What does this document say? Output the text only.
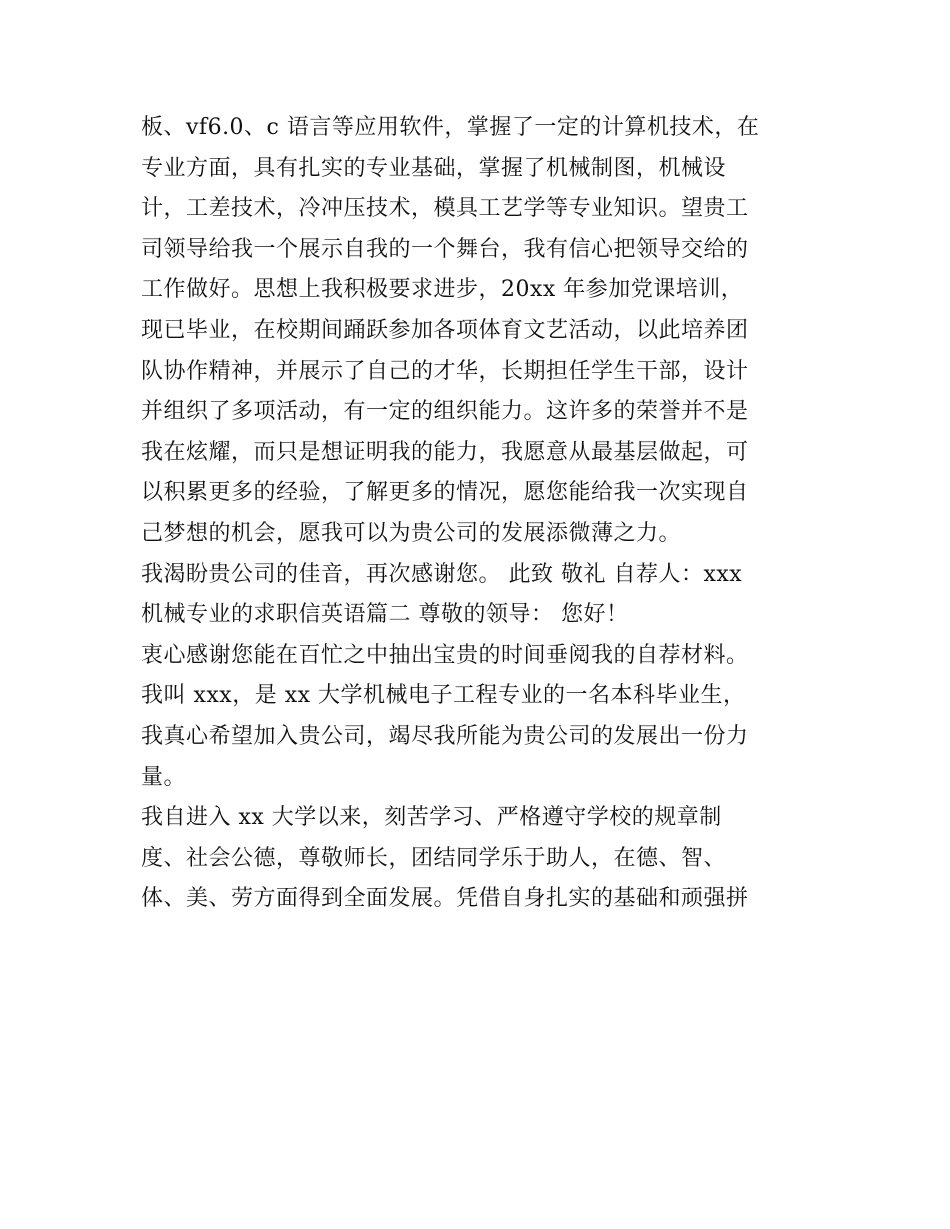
板、vf6.0、c 语言等应用软件，掌握了一定的计算机技术，在
专业方面，具有扎实的专业基础，掌握了机械制图，机械设
计，工差技术，冷冲压技术，模具工艺学等专业知识。望贵工
司领导给我一个展示自我的一个舞台，我有信心把领导交给的
工作做好。思想上我积极要求进步，20xx 年参加党课培训，
现已毕业，在校期间踊跃参加各项体育文艺活动，以此培养团
队协作精神，并展示了自己的才华，长期担任学生干部，设计
并组织了多项活动，有一定的组织能力。这许多的荣誉并不是
我在炫耀，而只是想证明我的能力，我愿意从最基层做起，可
以积累更多的经验，了解更多的情况，愿您能给我一次实现自
己梦想的机会，愿我可以为贵公司的发展添微薄之力。
我渴盼贵公司的佳音，再次感谢您。 此致 敬礼 自荐人：xxx
机械专业的求职信英语篇二 尊敬的领导： 您好！
衷心感谢您能在百忙之中抽出宝贵的时间垂阅我的自荐材料。
我叫 xxx，是 xx 大学机械电子工程专业的一名本科毕业生，
我真心希望加入贵公司，竭尽我所能为贵公司的发展出一份力
量。
我自进入 xx 大学以来，刻苦学习、严格遵守学校的规章制
度、社会公德，尊敬师长，团结同学乐于助人，在德、智、
体、美、劳方面得到全面发展。凭借自身扎实的基础和顽强拼
